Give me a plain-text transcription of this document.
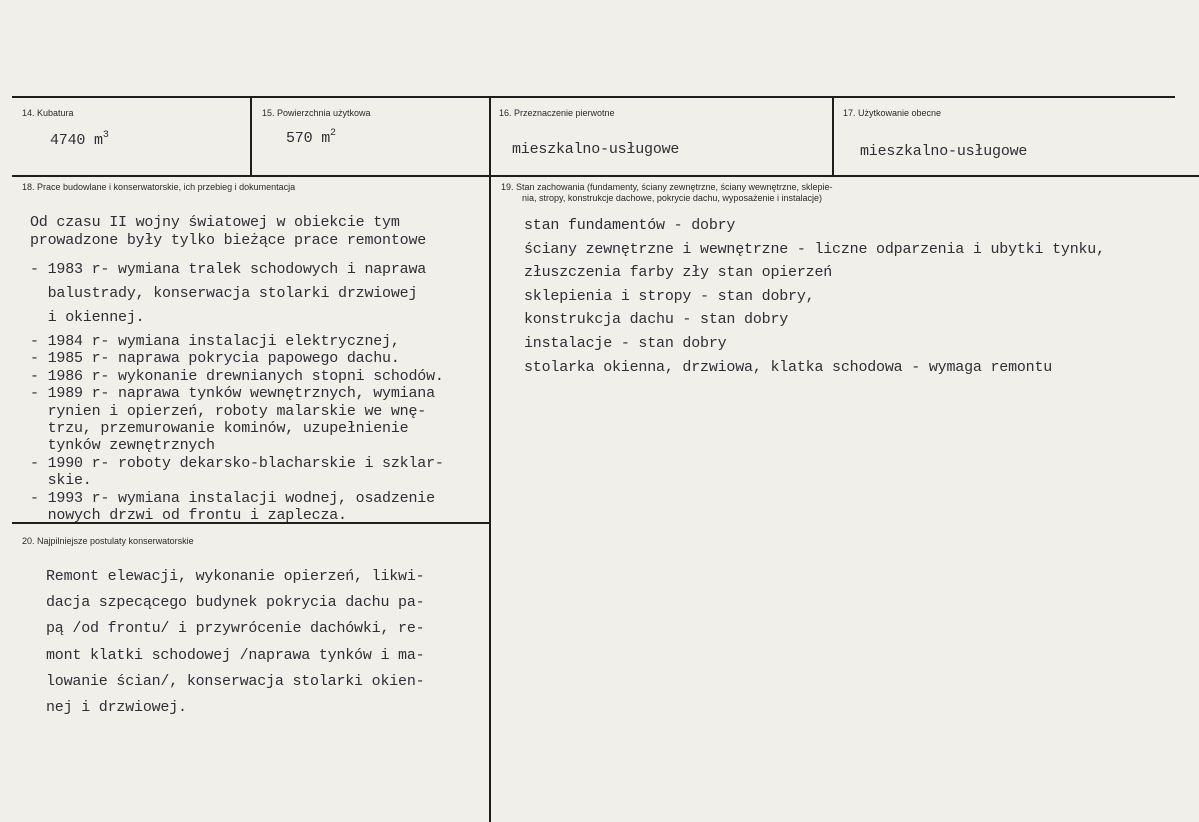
14. Kubatura
4740 $m^3$
15. Powierzchnia użytkowa
570 $m^2$
16. Przeznaczenie pierwotne
mieszkalno-usługowe
17. Użytkowanie obecne
mieszkalno-usługowe
18. Prace budowlane i konserwatorskie, ich przebieg i dokumentacja
Od czasu II wojny światowej w obiekcie tym
prowadzone były tylko bieżące prace remontowe
- 1983 r- wymiana tralek schodowych i naprawa
balustrady, konserwacja stolarki drzwiowej
i okiennej.
- 1984 r- wymiana instalacji elektrycznej,
- 1985 r- naprawa pokrycia papowego dachu.
- 1986 r- wykonanie drewnianych stopni schodów.
- 1989 r- naprawa tynków wewnętrznych, wymiana
rynien i opierzeń, roboty malarskie we wnę-
trzu, przemurowanie kominów, uzupełnienie
tynków zewnętrznych
- 1990 r- roboty dekarsko-blacharskie i szklar-
skie.
- 1993 r- wymiana instalacji wodnej, osadzenie
nowych drzwi od frontu i zaplecza.
19. Stan zachowania (fundamenty, ściany zewnętrzne, ściany wewnętrzne, sklepie-
nia, stropy, konstrukcje dachowe, pokrycie dachu, wyposażenie i instalacje)
stan fundamentów - dobry
ściany zewnętrzne i wewnętrzne - liczne odparzenia i ubytki tynku,
złuszczenia farby zły stan opierzeń
sklepienia i stropy - stan dobry,
konstrukcja dachu - stan dobry
instalacje - stan dobry
stolarka okienna, drzwiowa, klatka schodowa - wymaga remontu
20. Najpilniejsze postulaty konserwatorskie
Remont elewacji, wykonanie opierzeń, likwi-
dacja szpecącego budynek pokrycia dachu pa-
pą /od frontu/ i przywrócenie dachówki, re-
mont klatki schodowej /naprawa tynków i ma-
lowanie ścian/, konserwacja stolarki okien-
nej i drzwiowej.
